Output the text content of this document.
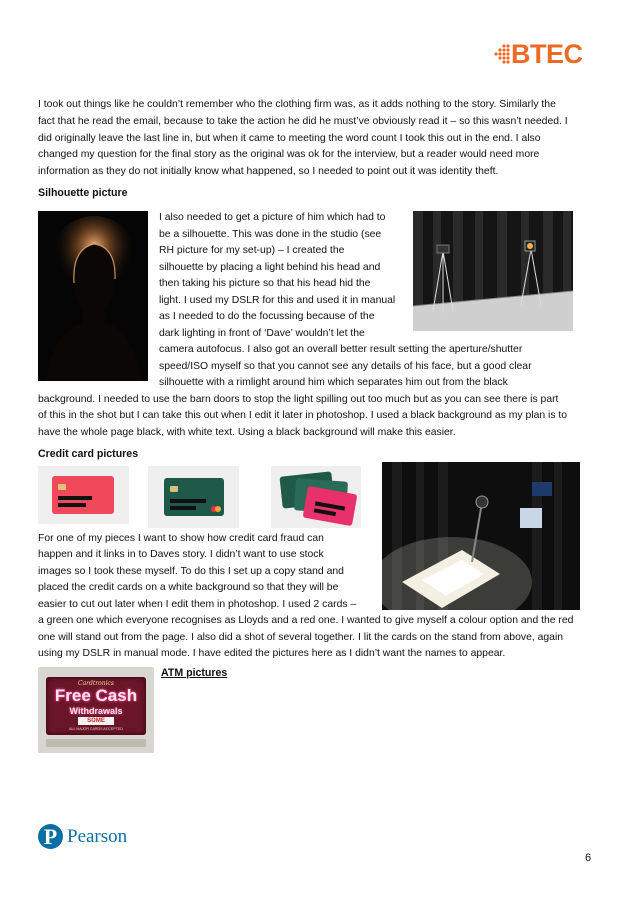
BTEC

I took out things like he couldn’t remember who the clothing firm was, as it adds nothing to the story. Similarly the

fact that he read the email, because to take the action he did he must’ve obviously read it – so this wasn’t needed. I

did originally leave the last line in, but when it came to meeting the word count I took this out in the end. I also

changed my question for the final story as the original was ok for the interview, but a reader would need more

information as they do not initially know what happened, so I needed to point out it was identity theft.

Silhouette picture

I also needed to get a picture of him which had to

be a silhouette. This was done in the studio (see

RH picture for my set-up) – I created the

silhouette by placing a light behind his head and

then taking his picture so that his head hid the

light. I used my DSLR for this and used it in manual

as I needed to do the focussing because of the

dark lighting in front of ‘Dave’ wouldn’t let the

camera autofocus. I also got an overall better result setting the aperture/shutter

speed/ISO myself so that you cannot see any details of his face, but a good clear

silhouette with a rimlight around him which separates him out from the black

background. I needed to use the barn doors to stop the light spilling out too much but as you can see there is part

of this in the shot but I can take this out when I edit it later in photoshop. I used a black background as my plan is to

have the whole page black, with white text. Using a black background will make this easier.

Credit card pictures

For one of my pieces I want to show how credit card fraud can

happen and it links in to Daves story. I didn’t want to use stock

images so I took these myself. To do this I set up a copy stand and

placed the credit cards on a white background so that they will be

easier to cut out later when I edit them in photoshop. I used 2 cards –

a green one which everyone recognises as Lloyds and a red one. I wanted to give myself a colour option and the red

one will stand out from the page. I also did a shot of several together. I lit the cards on the stand from above, again

using my DSLR in manual mode. I have edited the pictures here as I didn’t want the names to appear.

ATM pictures

Cardtronics
Free Cash
Withdrawals
SOME
ALL MAJOR CARDS ACCEPTED
P Pearson
6
